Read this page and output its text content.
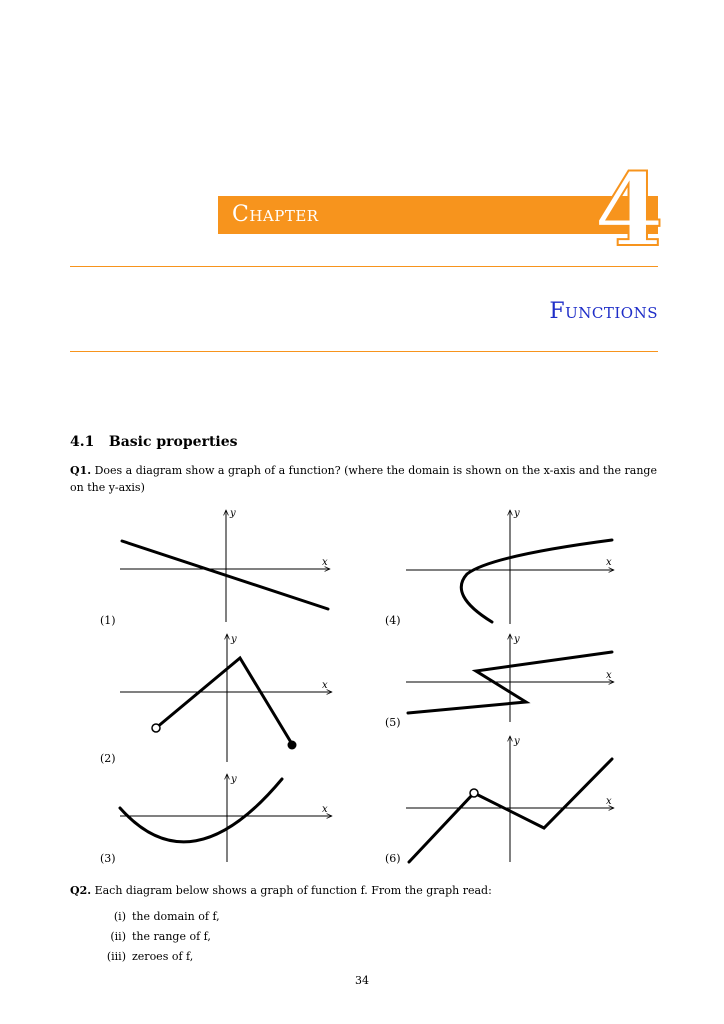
Chapter	4
Functions
4.1 Basic properties
Q1. Does a diagram show a graph of a function? (where the domain is shown on the x-axis and the range on the y-axis)
x
y
x
y
x
y
x
y
x
y
x
y
(1)
(2)
(3)
(4)
(5)
(6)
Q2. Each diagram below shows a graph of function f. From the graph read:
(i) the domain of f,
(ii) the range of f,
(iii) zeroes of f,
34
